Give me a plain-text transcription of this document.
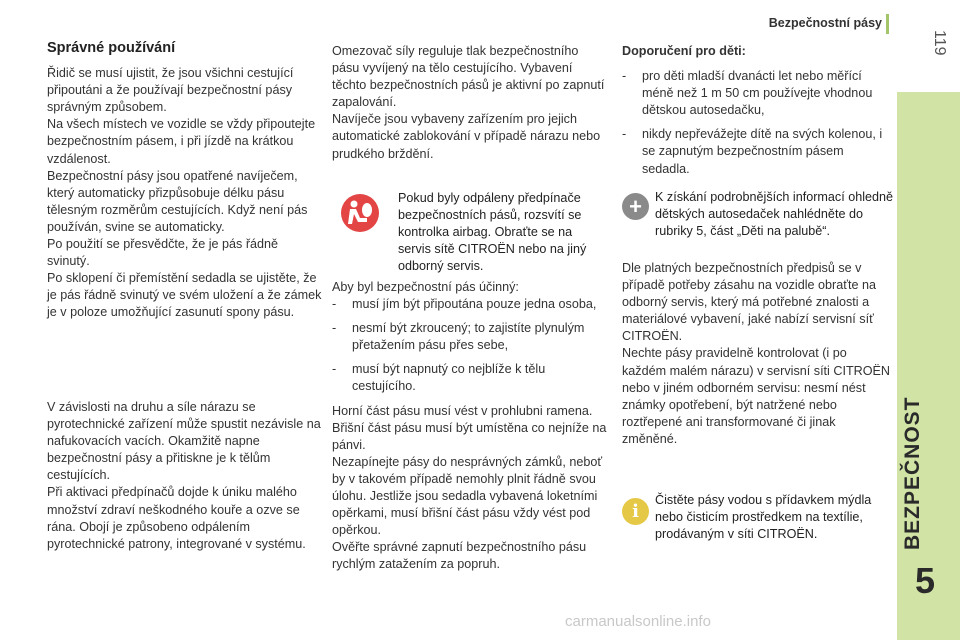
Bezpečnostní pásy
119
BEZPEČNOST
5
Správné používání

Řidič se musí ujistit, že jsou všichni cestující připoutáni a že používají bezpečnostní pásy správným způsobem.

Na všech místech ve vozidle se vždy připoutejte bezpečnostním pásem, i při jízdě na krátkou vzdálenost.

Bezpečnostní pásy jsou opatřené navíječem, který automaticky přizpůsobuje délku pásu tělesným rozměrům cestujících. Když není pás používán, svine se automaticky.

Po použití se přesvědčte, že je pás řádně svinutý.

Po sklopení či přemístění sedadla se ujistěte, že je pás řádně svinutý ve svém uložení a že zámek je v poloze umožňující zasunutí spony pásu.

V závislosti na druhu a síle nárazu se pyrotechnické zařízení může spustit nezávisle na nafukovacích vacích. Okamžitě napne bezpečnostní pásy a přitiskne je k tělům cestujících.

Při aktivaci předpínačů dojde k úniku malého množství zdraví neškodného kouře a ozve se rána. Obojí je způsobeno odpálením pyrotechnické patrony, integrované v systému.

Omezovač síly reguluje tlak bezpečnostního pásu vyvíjený na tělo cestujícího. Vybavení těchto bezpečnostních pásů je aktivní po zapnutí zapalování.

Navíječe jsou vybaveny zařízením pro jejich automatické zablokování v případě nárazu nebo prudkého brždění.

Aby byl bezpečnostní pás účinný:

- musí jím být připoutána pouze jedna osoba,
- nesmí být zkroucený; to zajistíte plynulým přetažením pásu přes sebe,
- musí být napnutý co nejblíže k tělu cestujícího.

Horní část pásu musí vést v prohlubni ramena.

Břišní část pásu musí být umístěna co nejníže na pánvi.

Nezapínejte pásy do nesprávných zámků, neboť by v takovém případě nemohly plnit řádně svou úlohu. Jestliže jsou sedadla vybavená loketními opěrkami, musí břišní část pásu vždy vést pod opěrkou.

Ověřte správné zapnutí bezpečnostního pásu rychlým zatažením za popruh.

Pokud byly odpáleny předpínače bezpečnostních pásů, rozsvítí se kontrolka airbag. Obraťte se na servis sítě CITROËN nebo na jiný odborný servis.

Doporučení pro děti:

- pro děti mladší dvanácti let nebo měřící méně než 1 m 50 cm používejte vhodnou dětskou autosedačku,
- nikdy nepřevážejte dítě na svých kolenou, i se zapnutým bezpečnostním pásem sedadla.

Dle platných bezpečnostních předpisů se v případě potřeby zásahu na vozidle obraťte na odborný servis, který má potřebné znalosti a materiálové vybavení, jaké nabízí servisní síť CITROËN.

Nechte pásy pravidelně kontrolovat (i po každém malém nárazu) v servisní síti CITROËN nebo v jiném odborném servisu: nesmí nést známky opotřebení, být natržené nebo roztřepené ani transformované či jinak změněné.

+	K získání podrobnějších informací ohledně dětských autosedaček nahlédněte do rubriky 5, část „Děti na palubě“.
i
Čistěte pásy vodou s přídavkem mýdla nebo čisticím prostředkem na textílie, prodávaným v síti CITROËN.
carmanualsonline.info
